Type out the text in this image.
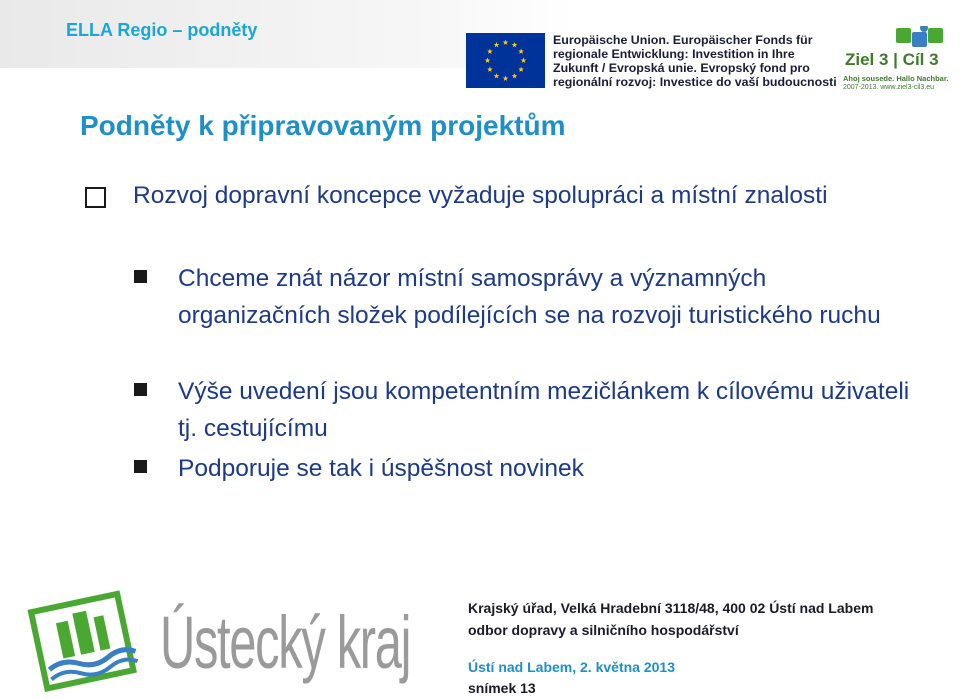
ELLA Regio – podněty	Europäische Union. Europäischer Fonds für
regionale Entwicklung: Investition in Ihre
Zukunft / Evropská unie. Evropský fond pro
regionální rozvoj: Investice do vaší budoucnosti
Ziel 3 | Cíl 3
Ahoj sousede. Hallo Nachbar.
2007-2013. www.ziel3-cil3.eu
Podněty k připravovaným projektům
Rozvoj dopravní koncepce vyžaduje spolupráci a místní znalosti
Chceme znát názor místní samosprávy a významných organizačních složek podílejících se na rozvoji turistického ruchu
Výše uvedení jsou kompetentním mezičlánkem k cílovému uživateli tj. cestujícímu
Podporuje se tak i úspěšnost novinek
Ústecký kraj	Krajský úřad, Velká Hradební 3118/48, 400 02 Ústí nad Labem
odbor dopravy a silničního hospodářství
Ústí nad Labem, 2. května 2013
snímek 13
